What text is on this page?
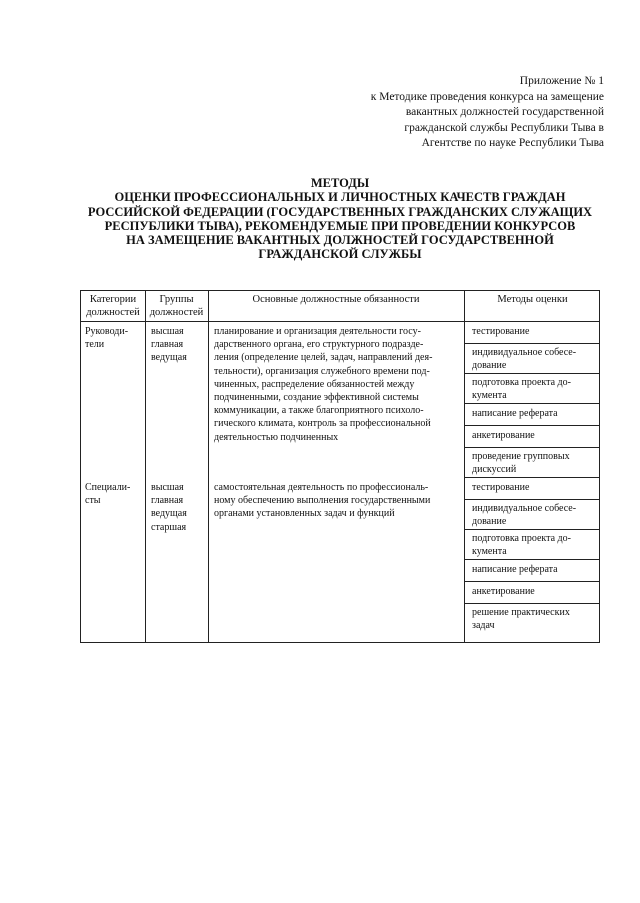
Приложение № 1
к Методике проведения конкурса на замещение
вакантных должностей государственной
гражданской службы Республики Тыва в
Агентстве по науке Республики Тыва
МЕТОДЫ
ОЦЕНКИ ПРОФЕССИОНАЛЬНЫХ И ЛИЧНОСТНЫХ КАЧЕСТВ ГРАЖДАН
РОССИЙСКОЙ ФЕДЕРАЦИИ (ГОСУДАРСТВЕННЫХ ГРАЖДАНСКИХ СЛУЖАЩИХ
РЕСПУБЛИКИ ТЫВА), РЕКОМЕНДУЕМЫЕ ПРИ ПРОВЕДЕНИИ КОНКУРСОВ
НА ЗАМЕЩЕНИЕ ВАКАНТНЫХ ДОЛЖНОСТЕЙ ГОСУДАРСТВЕННОЙ
ГРАЖДАНСКОЙ СЛУЖБЫ
Категории
должностей
Группы
должностей
Основные должностные обязанности	Методы оценки
Руководи-
тели
высшая
главная
ведущая
планирование и организация деятельности госу-
дарственного органа, его структурного подразде-
ления (определение целей, задач, направлений дея-
тельности), организация служебного времени под-
чиненных, распределение обязанностей между
подчиненными, создание эффективной системы
коммуникации, а также благоприятного психоло-
гического климата, контроль за профессиональной
деятельностью подчиненных
тестирование
индивидуальное собесе-
дование
подготовка проекта до-
кумента
написание реферата
анкетирование
проведение групповых
дискуссий
Специали-
сты
высшая
главная
ведущая
старшая
самостоятельная деятельность по профессиональ-
ному обеспечению выполнения государственными
органами установленных задач и функций
тестирование
индивидуальное собесе-
дование
подготовка проекта до-
кумента
написание реферата
анкетирование
решение практических
задач
